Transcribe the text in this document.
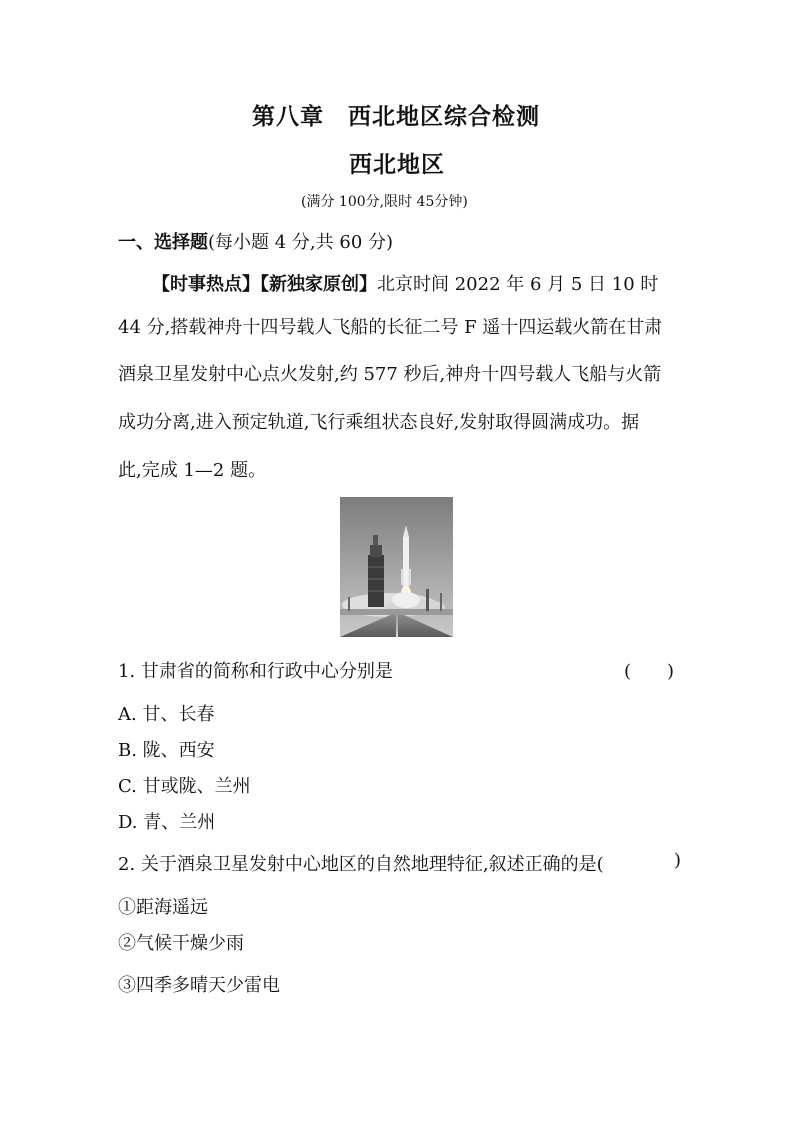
第八章　西北地区综合检测
西北地区
(满分 100分,限时 45分钟)
一、选择题(每小题 4 分,共 60 分)
【时事热点】【新独家原创】北京时间 2022 年 6 月 5 日 10 时
44 分,搭载神舟十四号载人飞船的长征二号 F 遥十四运载火箭在甘肃
酒泉卫星发射中心点火发射,约 577 秒后,神舟十四号载人飞船与火箭
成功分离,进入预定轨道,飞行乘组状态良好,发射取得圆满成功。据
此,完成 1—2 题。
1. 甘肃省的简称和行政中心分别是	(　　)
A. 甘、长春
B. 陇、西安
C. 甘或陇、兰州
D. 青、兰州
2. 关于酒泉卫星发射中心地区的自然地理特征,叙述正确的是(	)
①距海遥远
②气候干燥少雨
③四季多晴天少雷电
